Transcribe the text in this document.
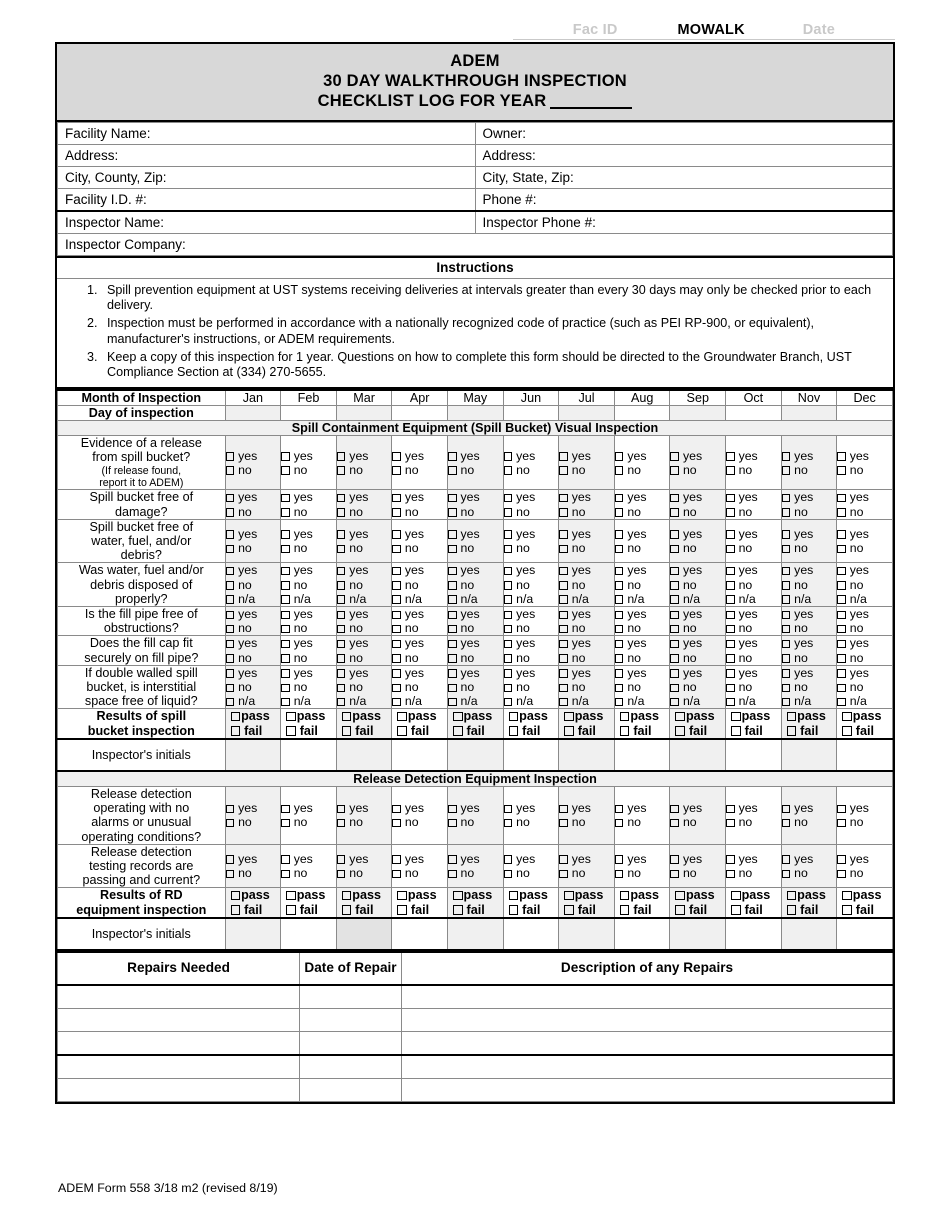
Fac ID	MOWALK	Date
ADEM
30 DAY WALKTHROUGH INSPECTION
CHECKLIST LOG FOR YEAR
Facility Name:	Owner:
Address:	Address:
City, County, Zip:	City, State, Zip:
Facility I.D. #:	Phone #:
Inspector Name:	Inspector Phone #:
Inspector Company:	
Instructions
1. Spill prevention equipment at UST systems receiving deliveries at intervals greater than every 30 days may only be checked prior to each delivery.
2. Inspection must be performed in accordance with a nationally recognized code of practice (such as PEI RP-900, or equivalent), manufacturer's instructions, or ADEM requirements.
3. Keep a copy of this inspection for 1 year. Questions on how to complete this form should be directed to the Groundwater Branch, UST Compliance Section at (334) 270-5655.
Month of Inspection	Jan	Feb	Mar	Apr	May	Jun	Jul	Aug	Sep	Oct	Nov	Dec
Day of inspection												
Spill Containment Equipment (Spill Bucket) Visual Inspection												
Evidence of a release
from spill bucket?
(If release found,
report it to ADEM)	yes
no	yes
no	yes
no	yes
no	yes
no	yes
no	yes
no	yes
no	yes
no	yes
no	yes
no	yes
no

Spill bucket free of
damage?	yes
no	yes
no	yes
no	yes
no	yes
no	yes
no	yes
no	yes
no	yes
no	yes
no	yes
no	yes
no

Spill bucket free of
water, fuel, and/or
debris?	yes
no	yes
no	yes
no	yes
no	yes
no	yes
no	yes
no	yes
no	yes
no	yes
no	yes
no	yes
no

Was water, fuel and/or
debris disposed of
properly?	yes
no
n/a	yes
no
n/a	yes
no
n/a	yes
no
n/a	yes
no
n/a	yes
no
n/a	yes
no
n/a	yes
no
n/a	yes
no
n/a	yes
no
n/a	yes
no
n/a	yes
no
n/a

Is the fill pipe free of
obstructions?	yes
no	yes
no	yes
no	yes
no	yes
no	yes
no	yes
no	yes
no	yes
no	yes
no	yes
no	yes
no

Does the fill cap fit
securely on fill pipe?	yes
no	yes
no	yes
no	yes
no	yes
no	yes
no	yes
no	yes
no	yes
no	yes
no	yes
no	yes
no

If double walled spill
bucket, is interstitial
space free of liquid?	yes
no
n/a	yes
no
n/a	yes
no
n/a	yes
no
n/a	yes
no
n/a	yes
no
n/a	yes
no
n/a	yes
no
n/a	yes
no
n/a	yes
no
n/a	yes
no
n/a	yes
no
n/a

Results of spill
bucket inspection	pass
fail	pass
fail	pass
fail	pass
fail	pass
fail	pass
fail	pass
fail	pass
fail	pass
fail	pass
fail	pass
fail	pass
fail

Inspector's initials												
Release Detection Equipment Inspection												
Release detection
operating with no
alarms or unusual
operating conditions?	yes
no	yes
no	yes
no	yes
no	yes
no	yes
no	yes
no	yes
no	yes
no	yes
no	yes
no	yes
no

Release detection
testing records are
passing and current?	yes
no	yes
no	yes
no	yes
no	yes
no	yes
no	yes
no	yes
no	yes
no	yes
no	yes
no	yes
no

Results of RD
equipment inspection	pass
fail	pass
fail	pass
fail	pass
fail	pass
fail	pass
fail	pass
fail	pass
fail	pass
fail	pass
fail	pass
fail	pass
fail

Inspector's initials												
Repairs Needed	Date of Repair	Description of any Repairs

ADEM Form 558 3/18 m2 (revised 8/19)
